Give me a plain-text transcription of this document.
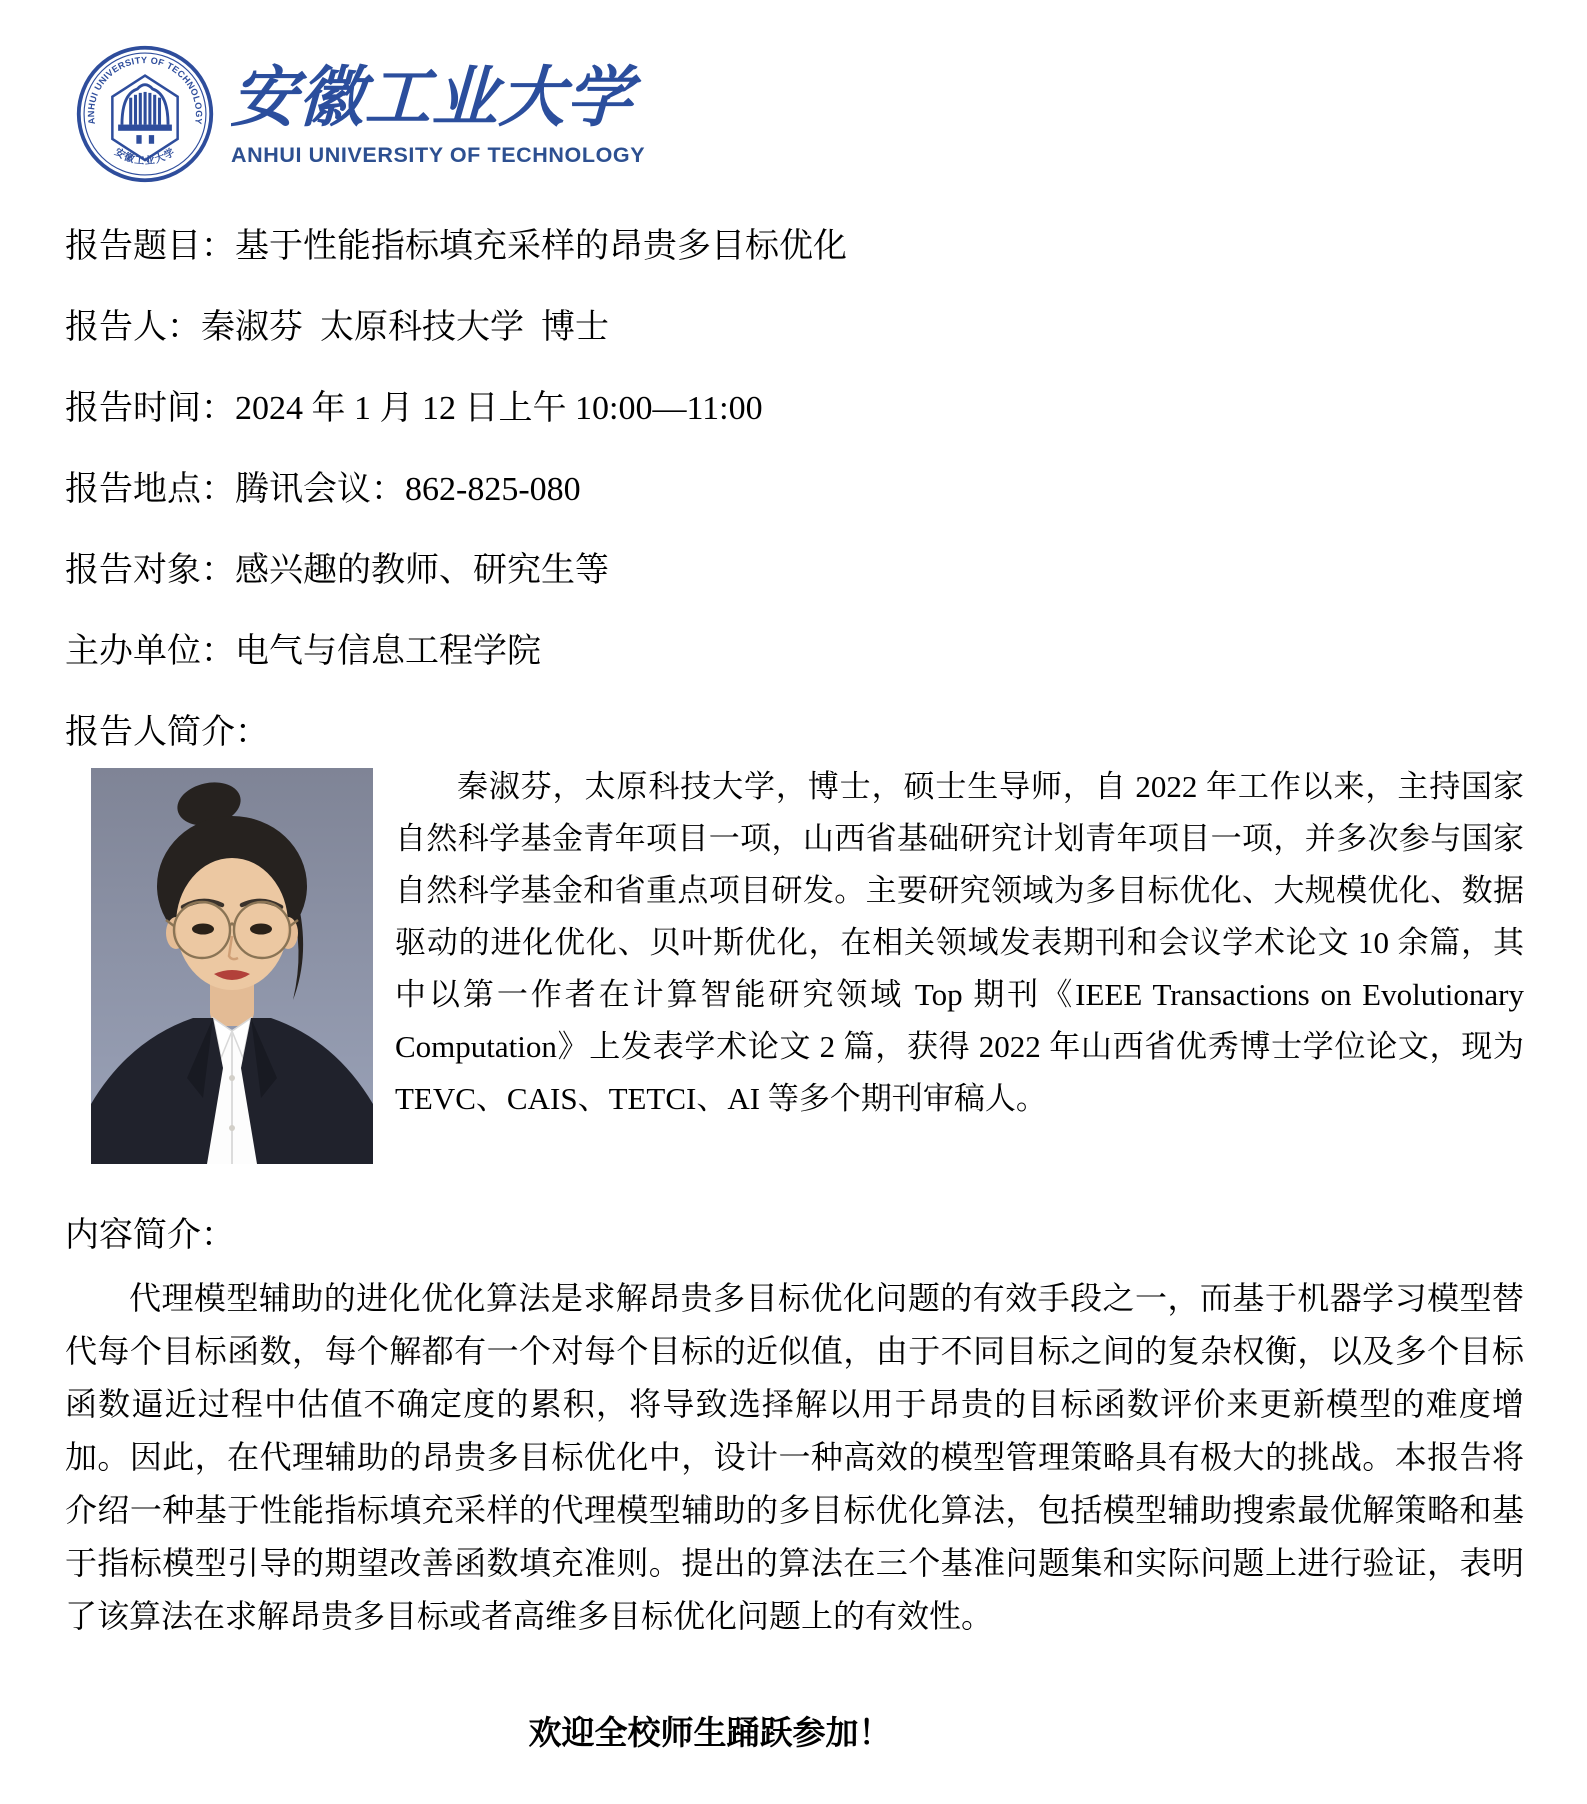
ANHUI UNIVERSITY OF TECHNOLOGY
安徽工业大学
安徽工业大学
ANHUI UNIVERSITY OF TECHNOLOGY
报告题目：基于性能指标填充采样的昂贵多目标优化
报告人：秦淑芬  太原科技大学  博士
报告时间：2024 年 1 月 12 日上午 10:00—11:00
报告地点：腾讯会议：862-825-080
报告对象：感兴趣的教师、研究生等
主办单位：电气与信息工程学院
报告人简介：
秦淑芬，太原科技大学，博士，硕士生导师，自 2022 年工作以来，主持国家自然科学基金青年项目一项，山西省基础研究计划青年项目一项，并多次参与国家自然科学基金和省重点项目研发。主要研究领域为多目标优化、大规模优化、数据驱动的进化优化、贝叶斯优化，在相关领域发表期刊和会议学术论文 10 余篇，其中以第一作者在计算智能研究领域 Top 期刊《IEEE Transactions on Evolutionary Computation》上发表学术论文 2 篇，获得 2022 年山西省优秀博士学位论文，现为 TEVC、CAIS、TETCI、AI 等多个期刊审稿人。
内容简介：
代理模型辅助的进化优化算法是求解昂贵多目标优化问题的有效手段之一，而基于机器学习模型替代每个目标函数，每个解都有一个对每个目标的近似值，由于不同目标之间的复杂权衡，以及多个目标函数逼近过程中估值不确定度的累积，将导致选择解以用于昂贵的目标函数评价来更新模型的难度增加。因此，在代理辅助的昂贵多目标优化中，设计一种高效的模型管理策略具有极大的挑战。本报告将介绍一种基于性能指标填充采样的代理模型辅助的多目标优化算法，包括模型辅助搜索最优解策略和基于指标模型引导的期望改善函数填充准则。提出的算法在三个基准问题集和实际问题上进行验证，表明了该算法在求解昂贵多目标或者高维多目标优化问题上的有效性。
欢迎全校师生踊跃参加！
